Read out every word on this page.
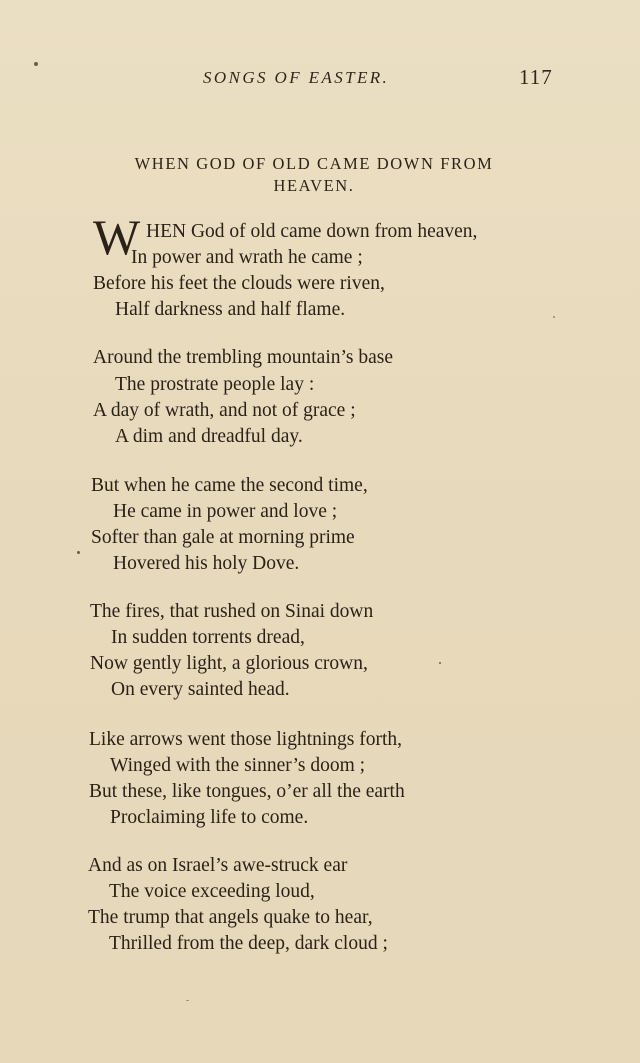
SONGS OF EASTER.	117
WHEN GOD OF OLD CAME DOWN FROM
HEAVEN.
W HEN God of old came down from heaven,
In power and wrath he came ;
Before his feet the clouds were riven,
Half darkness and half flame.
Around the trembling mountain’s base
The prostrate people lay :
A day of wrath, and not of grace ;
A dim and dreadful day.
But when he came the second time,
He came in power and love ;
Softer than gale at morning prime
Hovered his holy Dove.
The fires, that rushed on Sinai down
In sudden torrents dread,
Now gently light, a glorious crown,
On every sainted head.
Like arrows went those lightnings forth,
Winged with the sinner’s doom ;
But these, like tongues, o’er all the earth
Proclaiming life to come.
And as on Israel’s awe-struck ear
The voice exceeding loud,
The trump that angels quake to hear,
Thrilled from the deep, dark cloud ;
